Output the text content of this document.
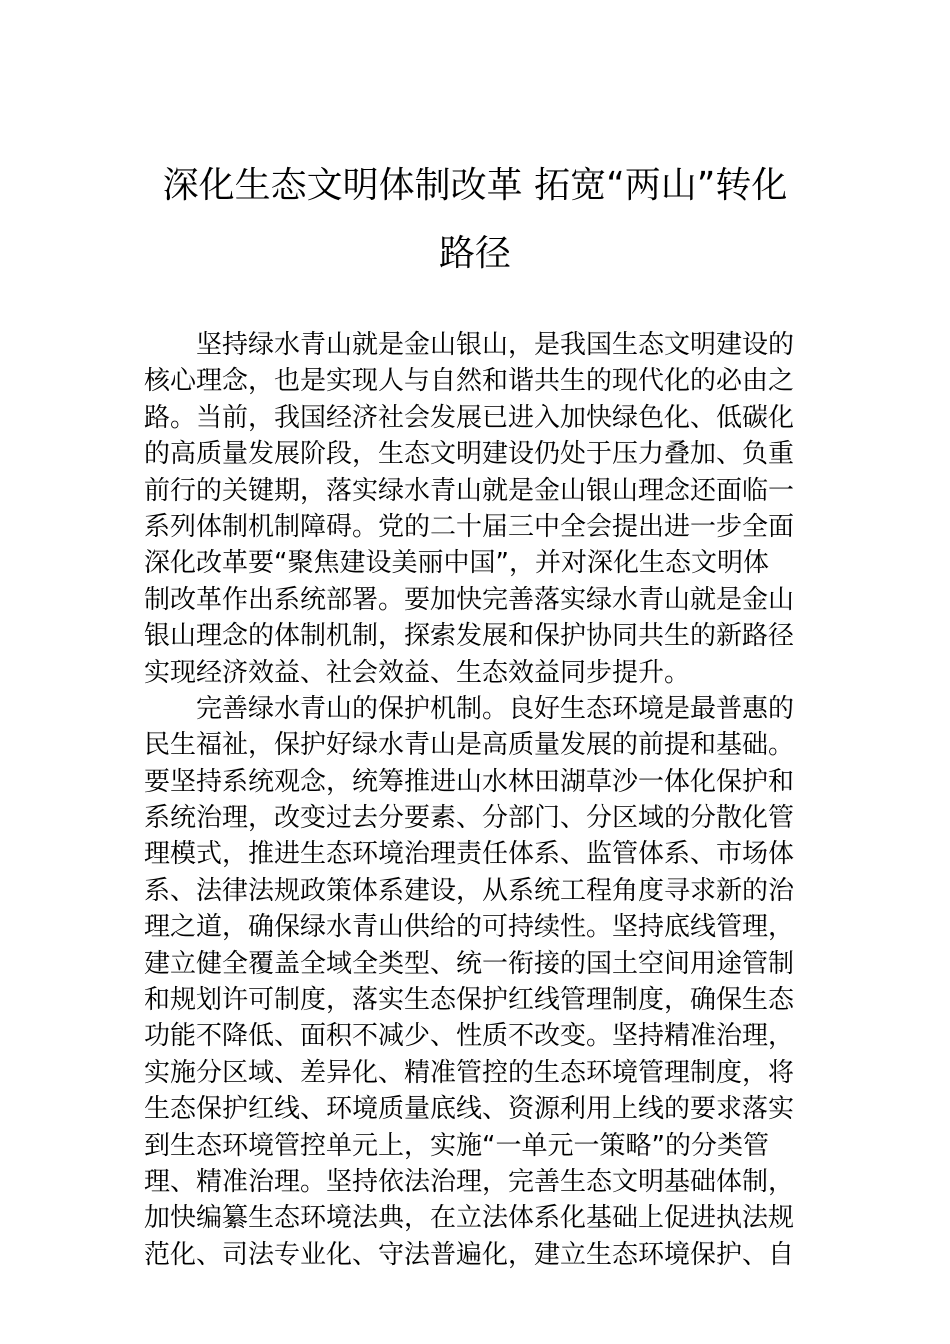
深化生态文明体制改革 拓宽“两山”转化
路径
坚持绿水青山就是金山银山，是我国生态文明建设的
核心理念，也是实现人与自然和谐共生的现代化的必由之
路。当前，我国经济社会发展已进入加快绿色化、低碳化
的高质量发展阶段，生态文明建设仍处于压力叠加、负重
前行的关键期，落实绿水青山就是金山银山理念还面临一
系列体制机制障碍。党的二十届三中全会提出进一步全面
深化改革要“聚焦建设美丽中国”，并对深化生态文明体
制改革作出系统部署。要加快完善落实绿水青山就是金山
银山理念的体制机制，探索发展和保护协同共生的新路径
实现经济效益、社会效益、生态效益同步提升。
完善绿水青山的保护机制。良好生态环境是最普惠的
民生福祉，保护好绿水青山是高质量发展的前提和基础。
要坚持系统观念，统筹推进山水林田湖草沙一体化保护和
系统治理，改变过去分要素、分部门、分区域的分散化管
理模式，推进生态环境治理责任体系、监管体系、市场体
系、法律法规政策体系建设，从系统工程角度寻求新的治
理之道，确保绿水青山供给的可持续性。坚持底线管理，
建立健全覆盖全域全类型、统一衔接的国土空间用途管制
和规划许可制度，落实生态保护红线管理制度，确保生态
功能不降低、面积不减少、性质不改变。坚持精准治理，
实施分区域、差异化、精准管控的生态环境管理制度，将
生态保护红线、环境质量底线、资源利用上线的要求落实
到生态环境管控单元上，实施“一单元一策略”的分类管
理、精准治理。坚持依法治理，完善生态文明基础体制，
加快编纂生态环境法典，在立法体系化基础上促进执法规
范化、司法专业化、守法普遍化，建立生态环境保护、自
